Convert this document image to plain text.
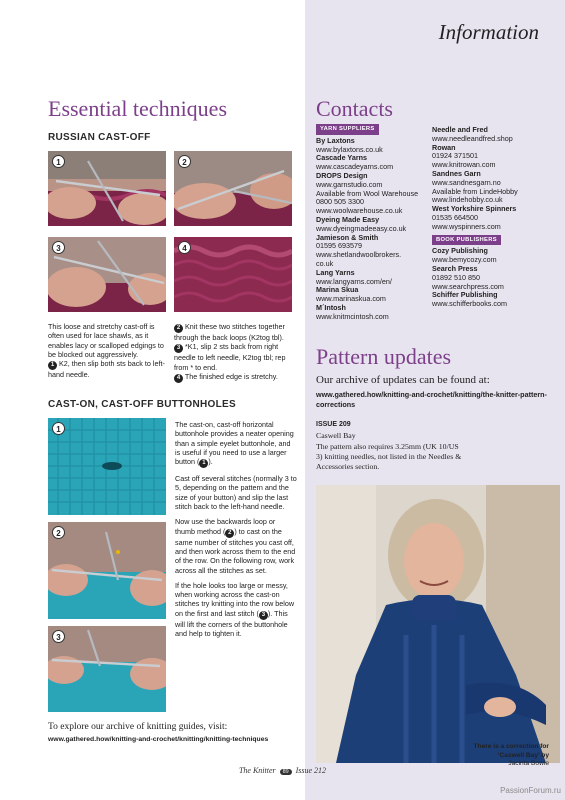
Information
Essential techniques
RUSSIAN CAST-OFF
1	2
3	4

This loose and stretchy cast-off is often used for lace shawls, as it enables lacy or scalloped edgings to be blocked out aggressively.

1 K2, then slip both sts back to left-hand needle.
2 Knit these two stitches together through the back loops (K2tog tbl).
3 *K1, slip 2 sts back from right needle to left needle, K2tog tbl; rep from * to end.
4 The finished edge is stretchy.
CAST-ON, CAST-OFF BUTTONHOLES
1
2
3

The cast-on, cast-off horizontal buttonhole provides a neater opening than a simple eyelet buttonhole, and is useful if you need to use a larger button ( 1 ).

Cast off several stitches (normally 3 to 5, depending on the pattern and the size of your button) and slip the last stitch back to the left-hand needle.

Now use the backwards loop or thumb method ( 2 ) to cast on the same number of stitches you cast off, and then work across them to the end of the row. On the following row, work across all the stitches as set.

If the hole looks too large or messy, when working across the cast-on stitches try knitting into the row below on the first and last stitch ( 3 ). This will lift the corners of the buttonhole and help to tighten it.

To explore our archive of knitting guides, visit:
www.gathered.how/knitting-and-crochet/knitting/knitting-techniques
Contacts
YARN SUPPLIERS
By Laxtons
www.bylaxtons.co.uk
Cascade Yarns
www.cascadeyarns.com
DROPS Design
www.garnstudio.com
Available from Wool Warehouse
0800 505 3300
www.woolwarehouse.co.uk
Dyeing Made Easy
www.dyeingmadeeasy.co.uk
Jamieson & Smith
01595 693579
www.shetlandwoolbrokers.
co.uk
Lang Yarns
www.langyarns.com/en/
Marina Skua
www.marinaskua.com
M´Intosh
www.knitmcintosh.com
Needle and Fred
www.needleandfred.shop
Rowan
01924 371501
www.knitrowan.com
Sandnes Garn
www.sandnesgarn.no
Available from LindeHobby
www.lindehobby.co.uk
West Yorkshire Spinners
01535 664500
www.wyspinners.com
BOOK PUBLISHERS
Cozy Publishing
www.bemycozy.com
Search Press
01892 510 850
www.searchpress.com
Schiffer Publishing
www.schifferbooks.com
Pattern updates
Our archive of updates can be found at:
www.gathered.how/knitting-and-crochet/knitting/the-knitter-pattern-corrections
ISSUE 209
Caswell Bay
The pattern also requires 3.25mm (UK 10/US 3) knitting needles, not listed in the Needles & Accessories section.
There is a correction for ‘Caswell Bay’ by
Jacinta Bowie
The Knitter 89 Issue 212
PassionForum.ru
